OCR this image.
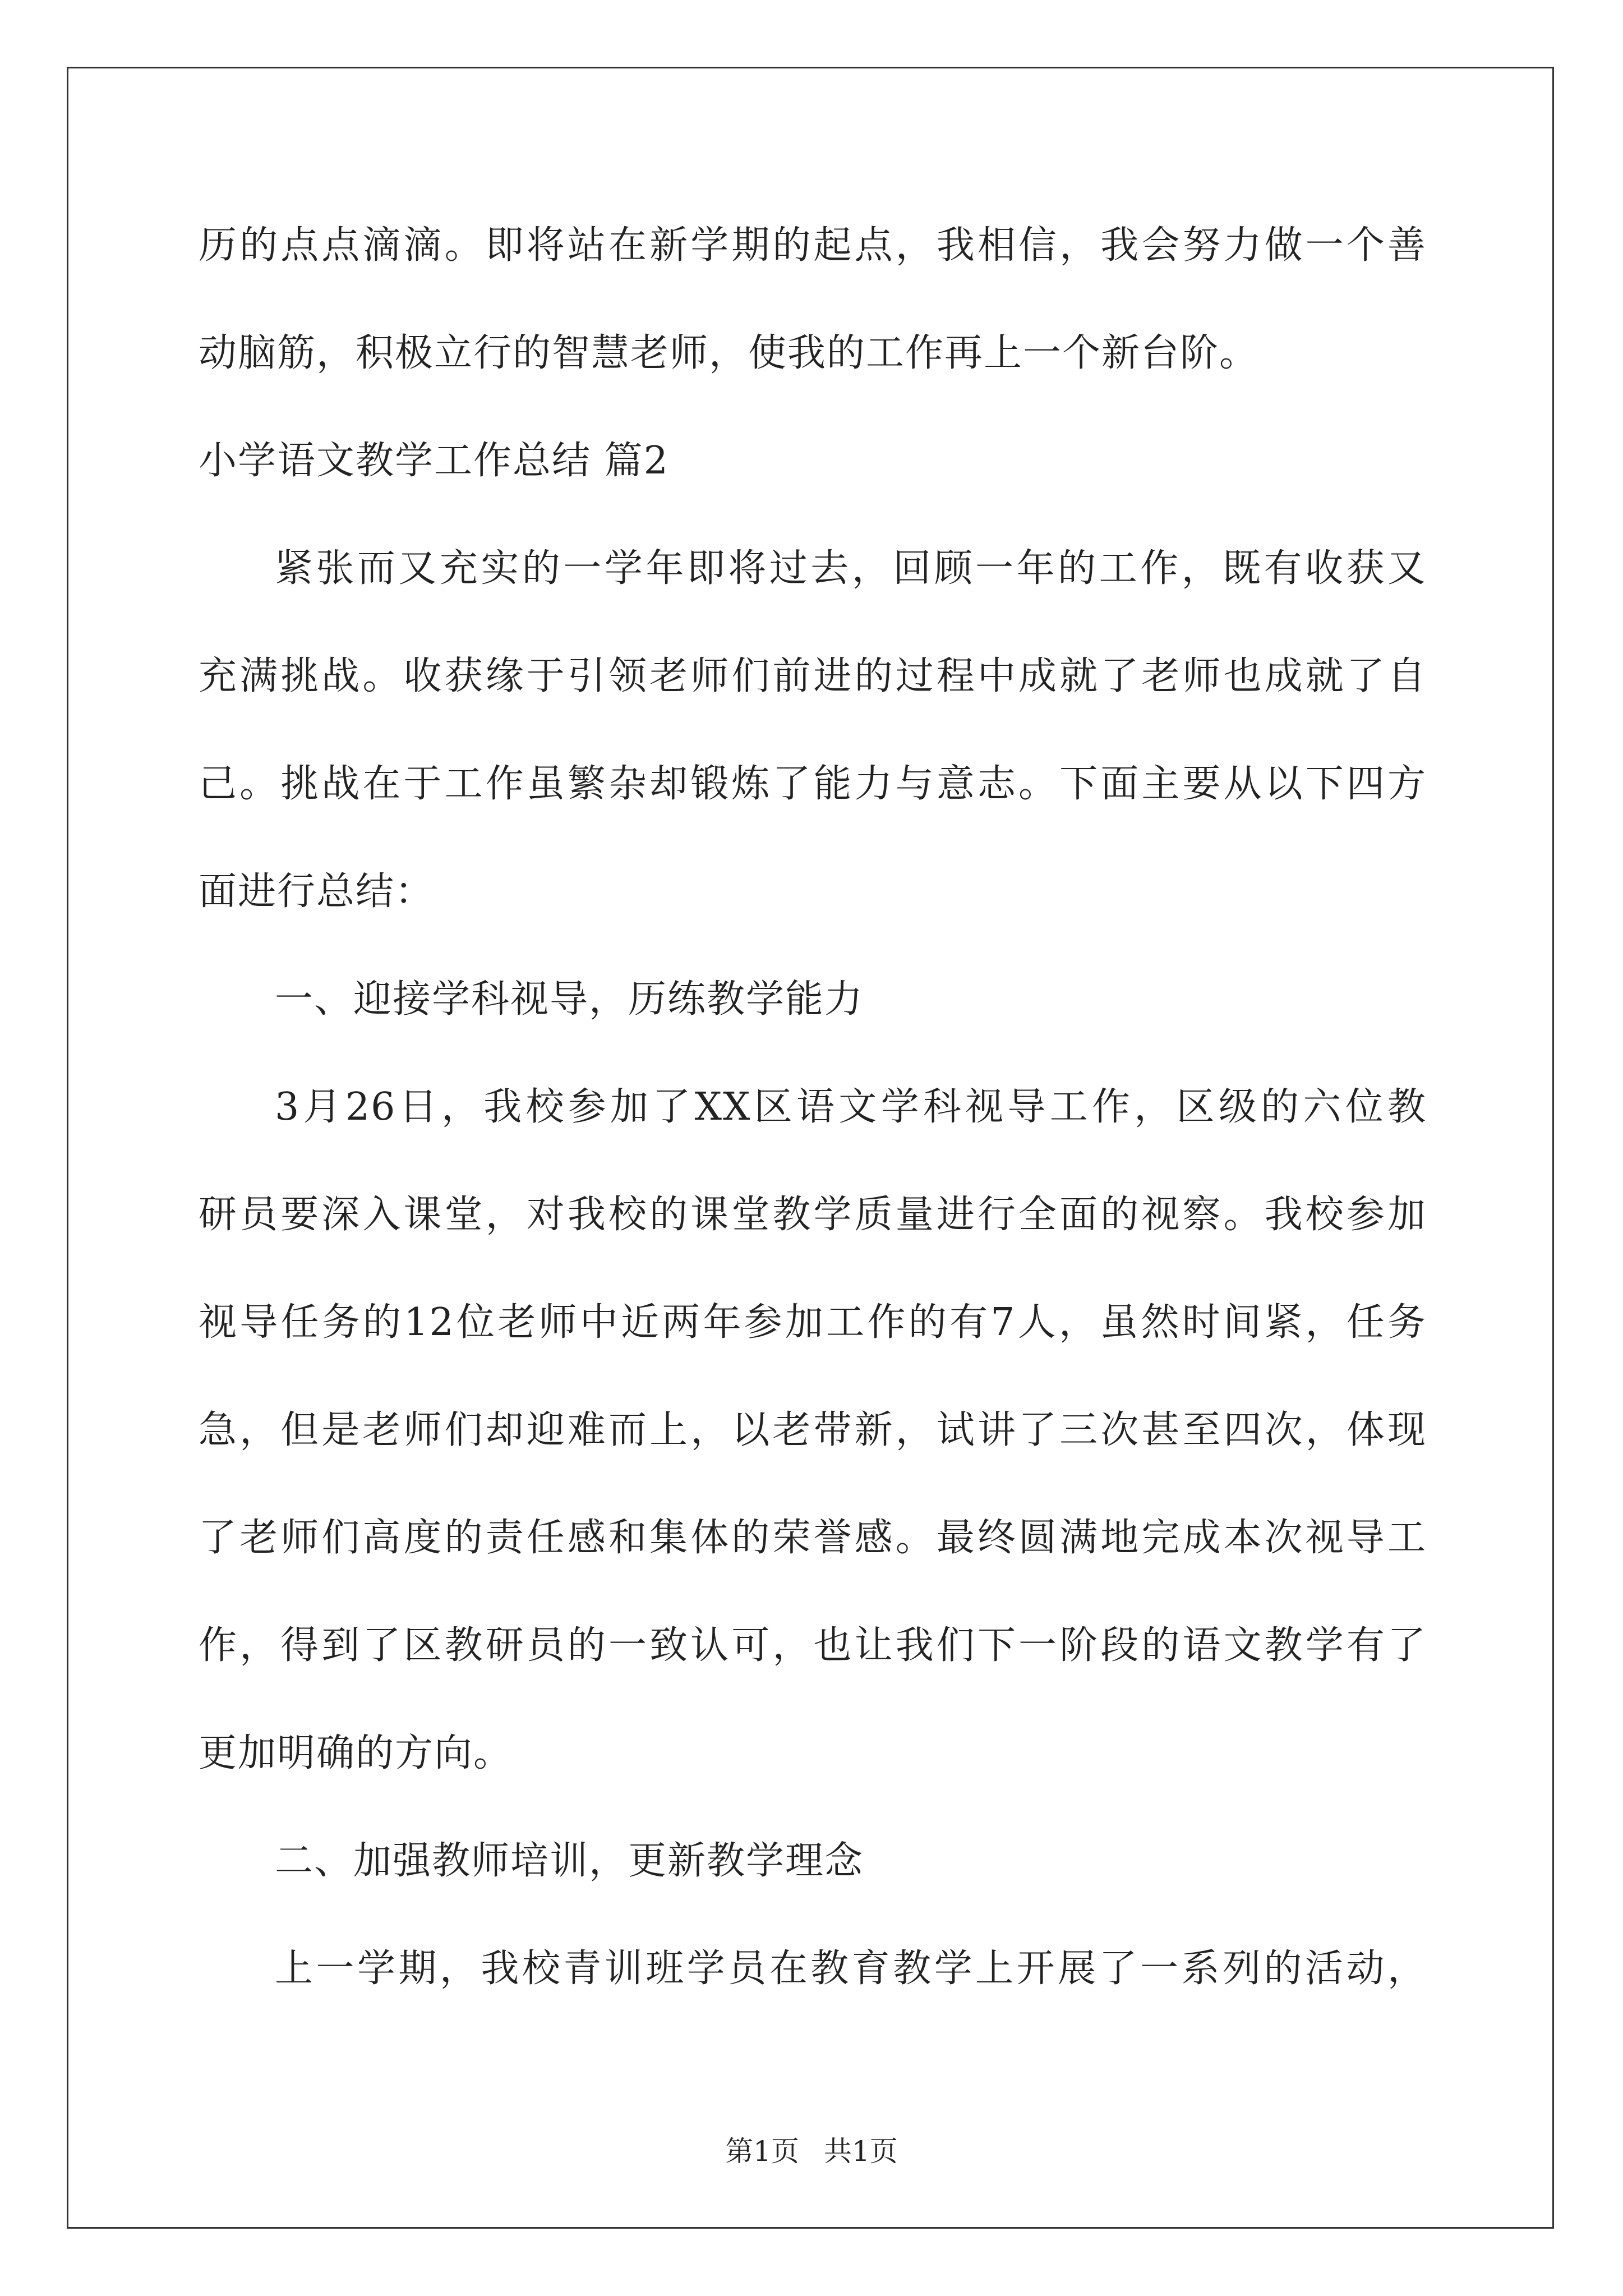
历的点点滴滴。即将站在新学期的起点，我相信，我会努力做一个善
动脑筋，积极立行的智慧老师，使我的工作再上一个新台阶。
小学语文教学工作总结 篇2
紧张而又充实的一学年即将过去，回顾一年的工作，既有收获又
充满挑战。收获缘于引领老师们前进的过程中成就了老师也成就了自
己。挑战在于工作虽繁杂却锻炼了能力与意志。下面主要从以下四方
面进行总结：
一、迎接学科视导，历练教学能力
3月26日，我校参加了XX区语文学科视导工作，区级的六位教
研员要深入课堂，对我校的课堂教学质量进行全面的视察。我校参加
视导任务的12位老师中近两年参加工作的有7人，虽然时间紧，任务
急，但是老师们却迎难而上，以老带新，试讲了三次甚至四次，体现
了老师们高度的责任感和集体的荣誉感。最终圆满地完成本次视导工
作，得到了区教研员的一致认可，也让我们下一阶段的语文教学有了
更加明确的方向。
二、加强教师培训，更新教学理念
上一学期，我校青训班学员在教育教学上开展了一系列的活动，
第1页 共1页
